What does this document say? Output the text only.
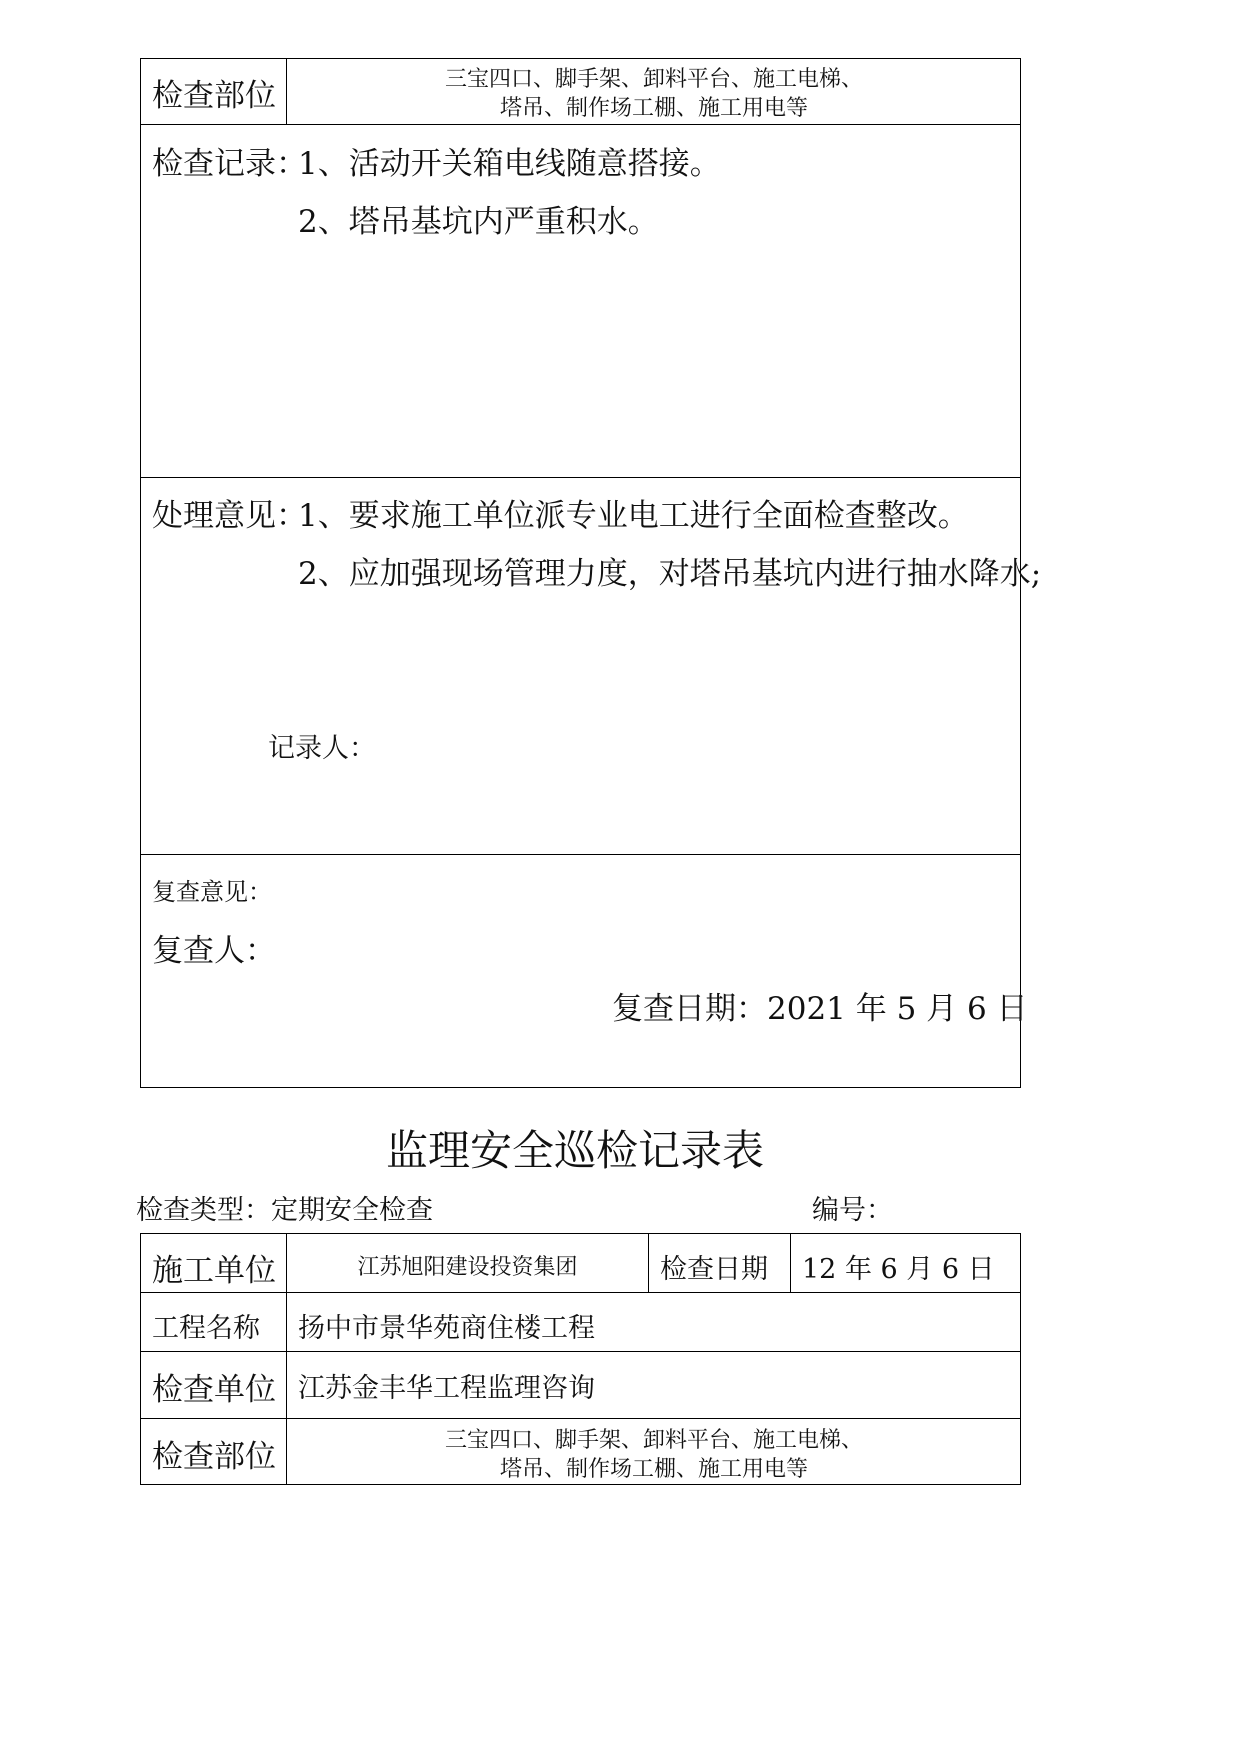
检查部位	三宝四口、脚手架、卸料平台、施工电梯、
塔吊、制作场工棚、施工用电等
检查记录：
1、活动开关箱电线随意搭接。
2、塔吊基坑内严重积水。
处理意见：
1、要求施工单位派专业电工进行全面检查整改。
2、应加强现场管理力度，对塔吊基坑内进行抽水降水;
记录人：
复查意见：
复查人：
复查日期：2021 年 5 月 6 日
监理安全巡检记录表
检查类型：定期安全检查	编号：
施工单位	江苏旭阳建设投资集团	检查日期 12 年 6 月 6 日
工程名称 扬中市景华苑商住楼工程
检查单位 江苏金丰华工程监理咨询
检查部位	三宝四口、脚手架、卸料平台、施工电梯、
塔吊、制作场工棚、施工用电等
